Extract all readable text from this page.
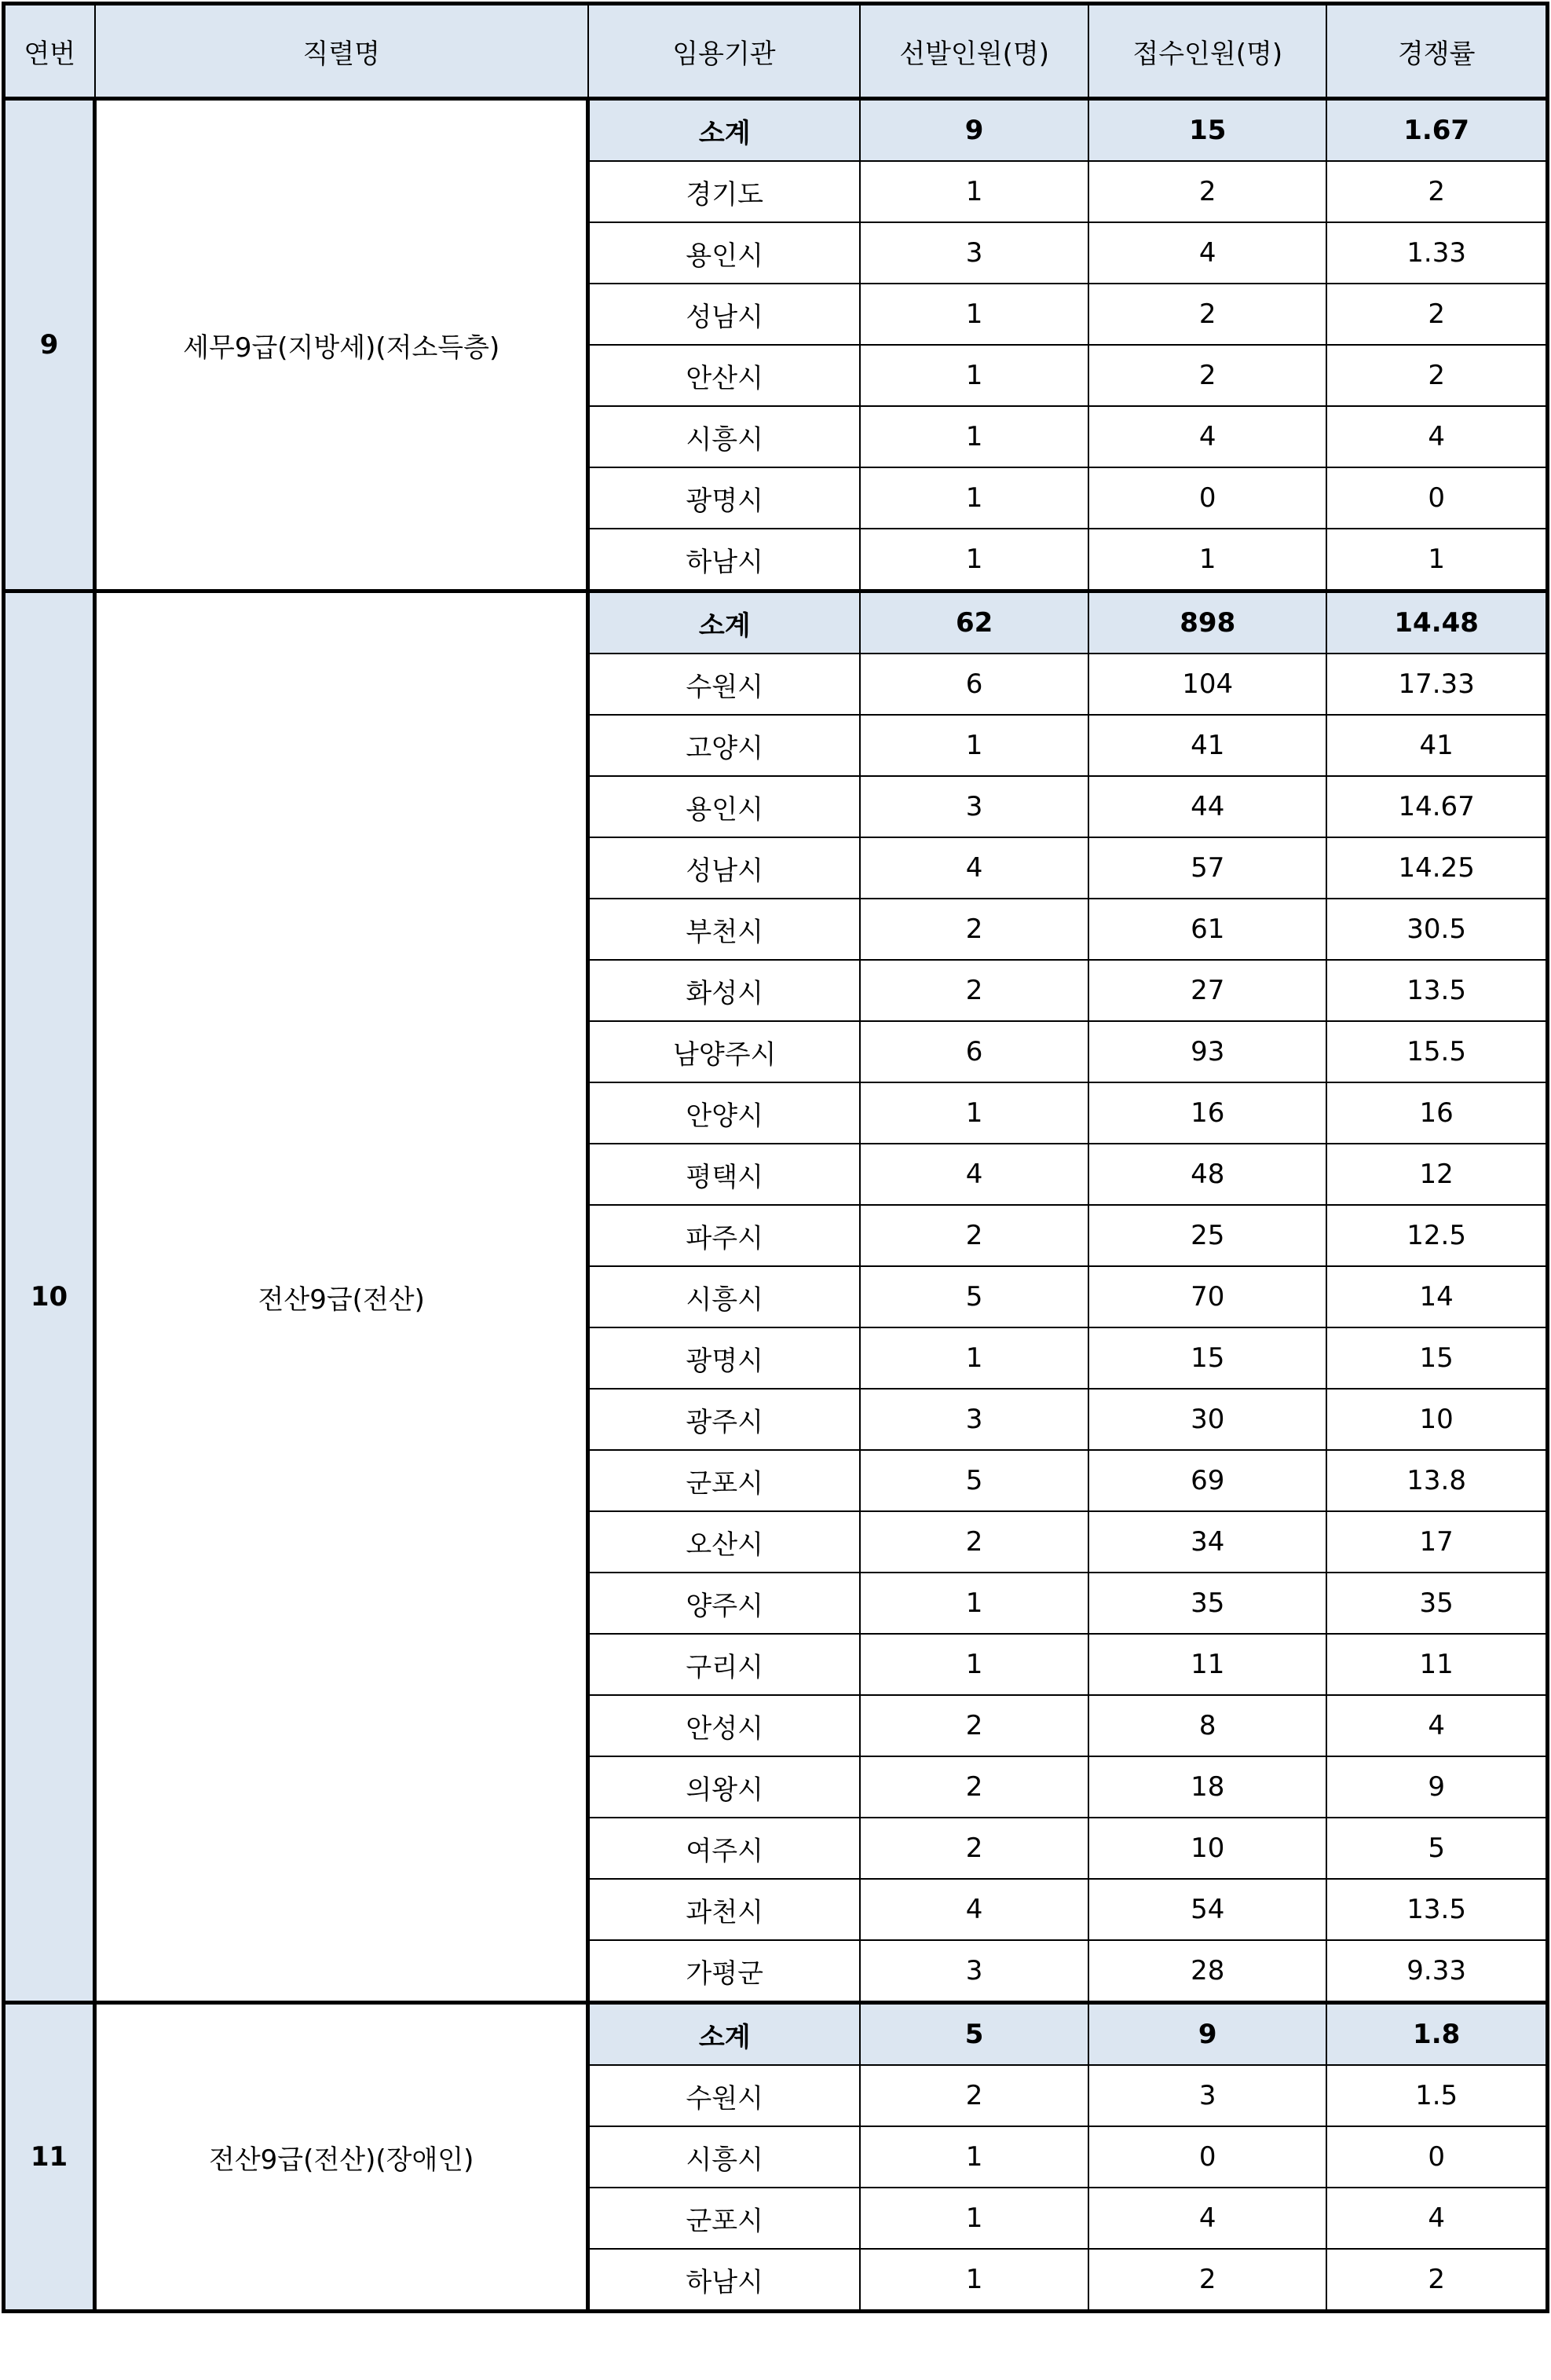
연번	직렬명	임용기관	선발인원(명)	접수인원(명)	경쟁률
9	세무9급(지방세)(저소득층)	소계	9	15	1.67
		경기도	1	2	2
		용인시	3	4	1.33
		성남시	1	2	2
		안산시	1	2	2
		시흥시	1	4	4
		광명시	1	0	0
		하남시	1	1	1
10	전산9급(전산)	소계	62	898	14.48
		수원시	6	104	17.33
		고양시	1	41	41
		용인시	3	44	14.67
		성남시	4	57	14.25
		부천시	2	61	30.5
		화성시	2	27	13.5
		남양주시	6	93	15.5
		안양시	1	16	16
		평택시	4	48	12
		파주시	2	25	12.5
		시흥시	5	70	14
		광명시	1	15	15
		광주시	3	30	10
		군포시	5	69	13.8
		오산시	2	34	17
		양주시	1	35	35
		구리시	1	11	11
		안성시	2	8	4
		의왕시	2	18	9
		여주시	2	10	5
		과천시	4	54	13.5
		가평군	3	28	9.33
11	전산9급(전산)(장애인)	소계	5	9	1.8
		수원시	2	3	1.5
		시흥시	1	0	0
		군포시	1	4	4
		하남시	1	2	2
